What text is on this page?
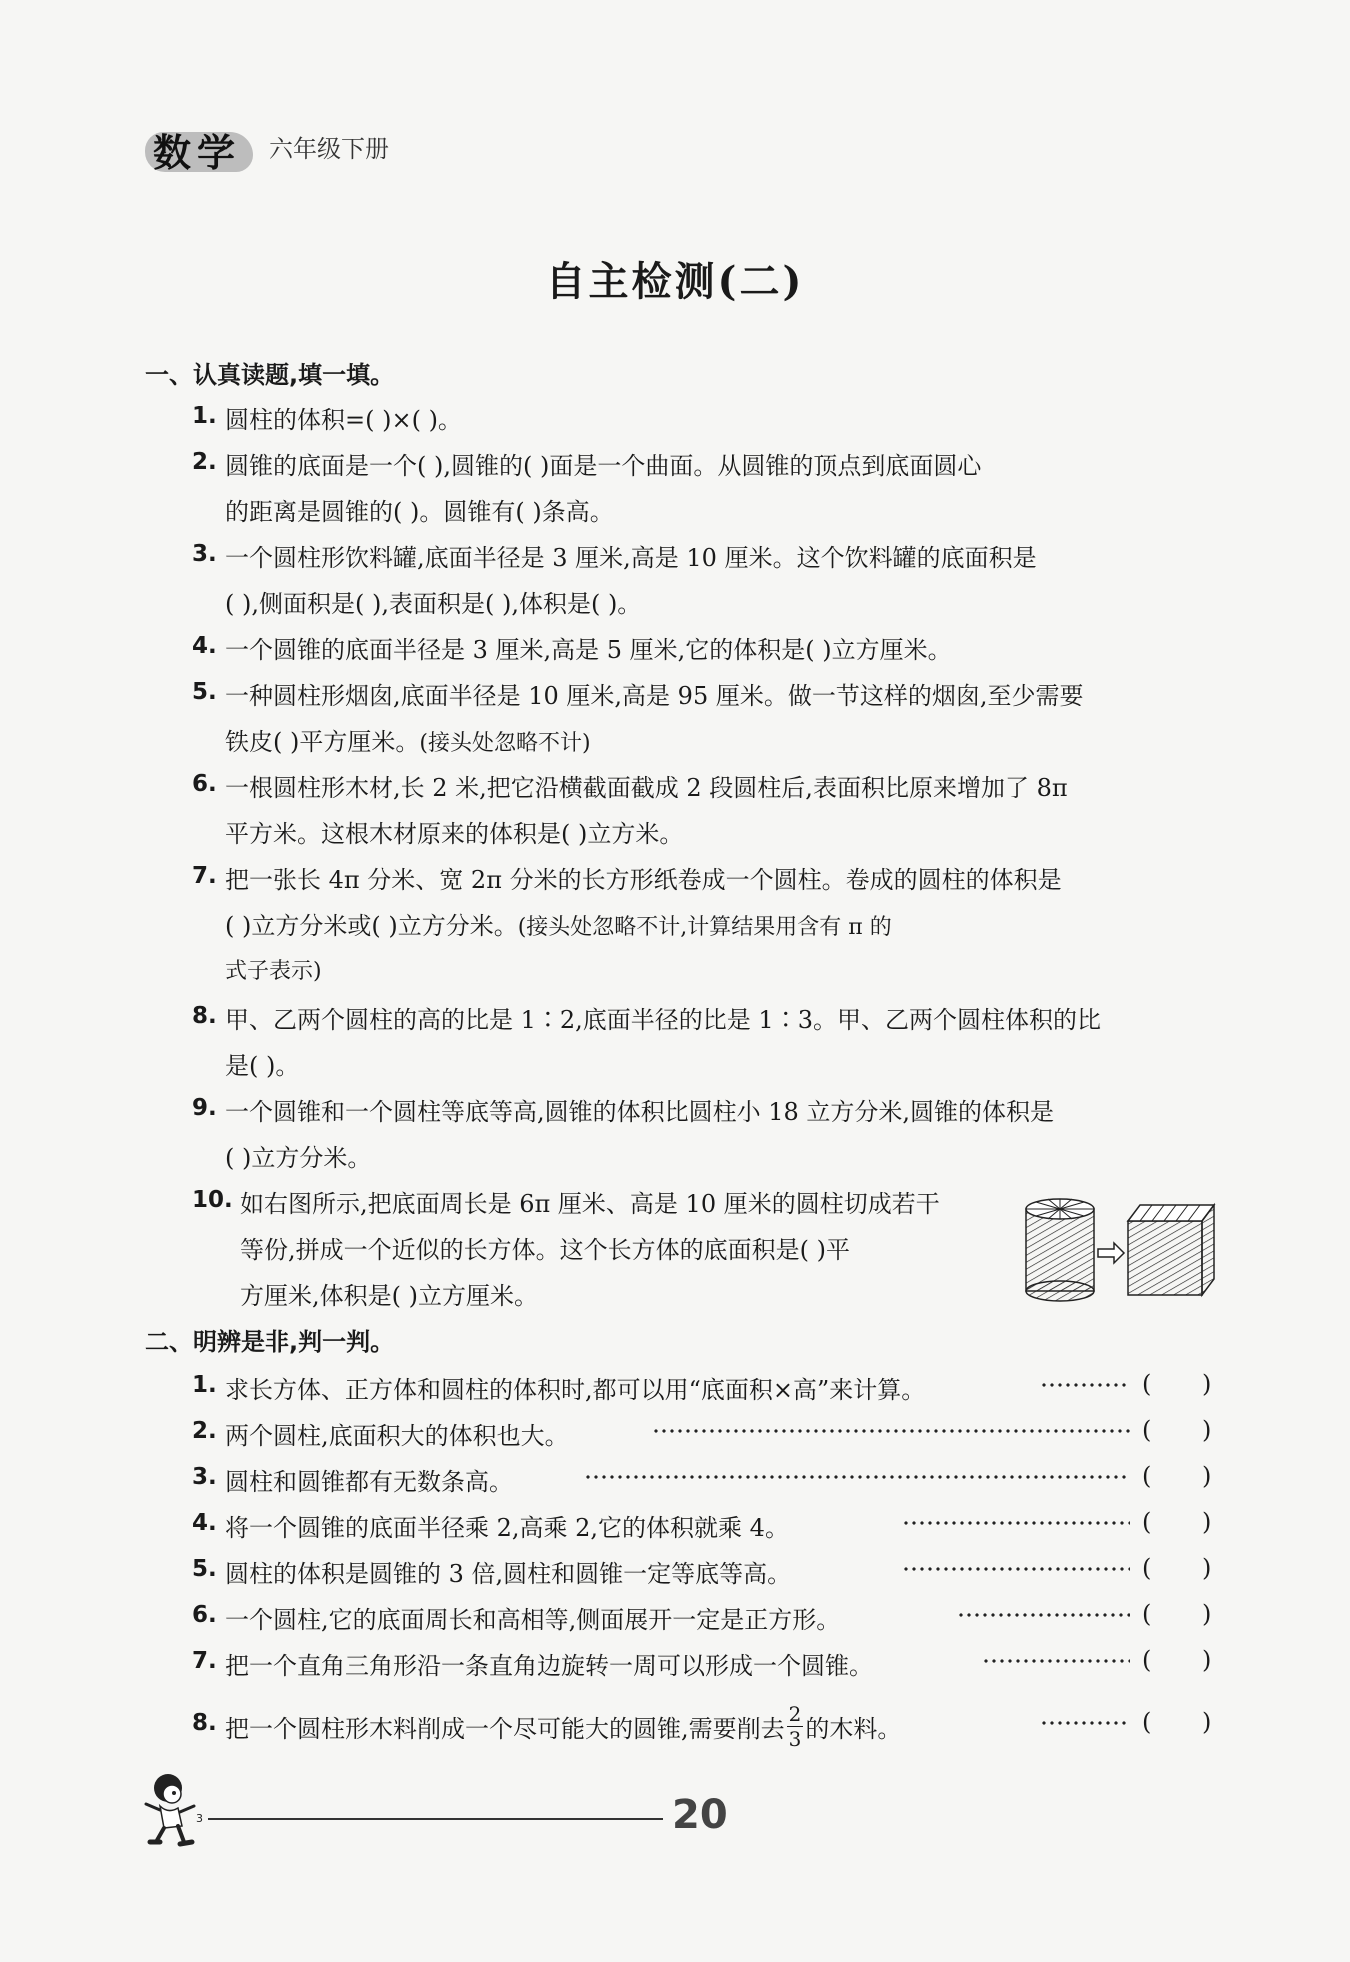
数学 六年级下册
自主检测(二)
一、认真读题,填一填。
1. 圆柱的体积=( )×( )。
2. 圆锥的底面是一个( ),圆锥的( )面是一个曲面。从圆锥的顶点到底面圆心
的距离是圆锥的( )。圆锥有( )条高。
3. 一个圆柱形饮料罐,底面半径是 3 厘米,高是 10 厘米。这个饮料罐的底面积是
( ),侧面积是( ),表面积是( ),体积是( )。
4. 一个圆锥的底面半径是 3 厘米,高是 5 厘米,它的体积是( )立方厘米。
5. 一种圆柱形烟囱,底面半径是 10 厘米,高是 95 厘米。做一节这样的烟囱,至少需要
铁皮( )平方厘米。(接头处忽略不计)
6. 一根圆柱形木材,长 2 米,把它沿横截面截成 2 段圆柱后,表面积比原来增加了 8π
平方米。这根木材原来的体积是( )立方米。
7. 把一张长 4π 分米、宽 2π 分米的长方形纸卷成一个圆柱。卷成的圆柱的体积是
( )立方分米或( )立方分米。(接头处忽略不计,计算结果用含有 π 的
式子表示)
8. 甲、乙两个圆柱的高的比是 1∶2,底面半径的比是 1∶3。甲、乙两个圆柱体积的比
是( )。
9. 一个圆锥和一个圆柱等底等高,圆锥的体积比圆柱小 18 立方分米,圆锥的体积是
( )立方分米。
10. 如右图所示,把底面周长是 6π 厘米、高是 10 厘米的圆柱切成若干
等份,拼成一个近似的长方体。这个长方体的底面积是( )平
方厘米,体积是( )立方厘米。
二、明辨是非,判一判。
1. 求长方体、正方体和圆柱的体积时,都可以用“底面积×高”来计算。	( )
2. 两个圆柱,底面积大的体积也大。	( )
3. 圆柱和圆锥都有无数条高。	( )
4. 将一个圆锥的底面半径乘 2,高乘 2,它的体积就乘 4。	( )
5. 圆柱的体积是圆锥的 3 倍,圆柱和圆锥一定等底等高。	( )
6. 一个圆柱,它的底面周长和高相等,侧面展开一定是正方形。	( )
7. 把一个直角三角形沿一条直角边旋转一周可以形成一个圆锥。	( )
8. 把一个圆柱形木料削成一个尽可能大的圆锥,需要削去 $\frac{2}{3}$ 的木料。	( )
3	20
